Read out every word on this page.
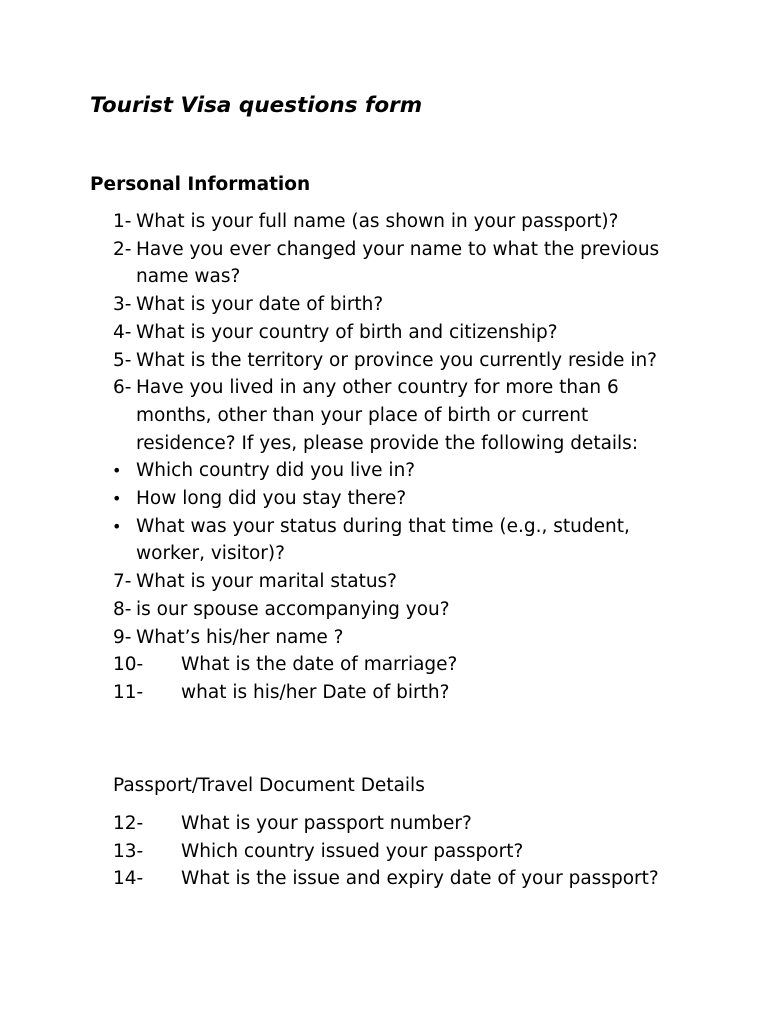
Tourist Visa questions form
Personal Information
1- What is your full name (as shown in your passport)?
2- Have you ever changed your name to what the previous name was?
3- What is your date of birth?
4- What is your country of birth and citizenship?
5- What is the territory or province you currently reside in?
6- Have you lived in any other country for more than 6 months, other than your place of birth or current residence? If yes, please provide the following details:
• Which country did you live in?
• How long did you stay there?
• What was your status during that time (e.g., student, worker, visitor)?
7- What is your marital status?
8- is our spouse accompanying you?
9- What’s his/her name ?
10- What is the date of marriage?
11- what is his/her Date of birth?

Passport/Travel Document Details

12- What is your passport number?
13- Which country issued your passport?
14- What is the issue and expiry date of your passport?
